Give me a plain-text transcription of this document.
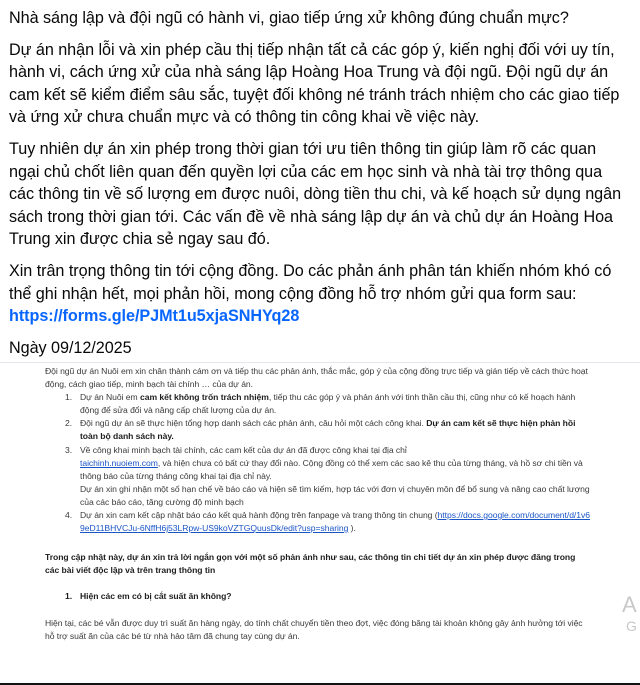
Nhà sáng lập và đội ngũ có hành vi, giao tiếp ứng xử không đúng chuẩn mực?

Dự án nhận lỗi và xin phép cầu thị tiếp nhận tất cả các góp ý, kiến nghị đối với uy tín, hành vi, cách ứng xử của nhà sáng lập Hoàng Hoa Trung và đội ngũ. Đội ngũ dự án cam kết sẽ kiểm điểm sâu sắc, tuyệt đối không né tránh trách nhiệm cho các giao tiếp và ứng xử chưa chuẩn mực và có thông tin công khai về việc này.

Tuy nhiên dự án xin phép trong thời gian tới ưu tiên thông tin giúp làm rõ các quan ngại chủ chốt liên quan đến quyền lợi của các em học sinh và nhà tài trợ thông qua các thông tin về số lượng em được nuôi, dòng tiền thu chi, và kế hoạch sử dụng ngân sách trong thời gian tới. Các vấn đề về nhà sáng lập dự án và chủ dự án Hoàng Hoa Trung xin được chia sẻ ngay sau đó.

Xin trân trọng thông tin tới cộng đồng. Do các phản ánh phân tán khiến nhóm khó có thể ghi nhận hết, mọi phản hồi, mong cộng đồng hỗ trợ nhóm gửi qua form sau:
https://forms.gle/PJMt1u5xjaSNHYq28

Ngày 09/12/2025

Đội ngũ dự án Nuôi em xin chân thành cám ơn và tiếp thu các phản ánh, thắc mắc, góp ý của cộng đồng trực tiếp và gián tiếp về cách thức hoạt động, cách giao tiếp, minh bạch tài chính … của dự án.

1. Dự án Nuôi em cam kết không trốn trách nhiệm, tiếp thu các góp ý và phản ánh với tinh thần cầu thị, cũng như có kế hoạch hành động để sửa đổi và nâng cấp chất lượng của dự án.
2. Đội ngũ dự án sẽ thực hiện tổng hợp danh sách các phản ánh, câu hỏi một cách công khai. Dự án cam kết sẽ thực hiện phản hồi toàn bộ danh sách này.
3. Về công khai minh bạch tài chính, các cam kết của dự án đã được công khai tại địa chỉ
taichinh.nuoiem.com, và hiện chưa có bất cứ thay đổi nào. Cộng đồng có thể xem các sao kê thu của từng tháng, và hồ sơ chi tiền và thông báo của từng tháng công khai tại địa chỉ này.
Dự án xin ghi nhận một số hạn chế về báo cáo và hiện sẽ tìm kiếm, hợp tác với đơn vị chuyên môn để bổ sung và nâng cao chất lượng của các báo cáo, tăng cường độ minh bạch
4. Dự án xin cam kết cập nhật báo cáo kết quả hành động trên fanpage và trang thông tin chung (https://docs.google.com/document/d/1v69eD11BHVCJu-6NffH6j53LRpw-US9koVZTGQuusDk/edit?usp=sharing ).

Trong cập nhật này, dự án xin trả lời ngắn gọn với một số phản ánh như sau, các thông tin chi tiết dự án xin phép được đăng trong các bài viết độc lập và trên trang thông tin

1. Hiện các em có bị cắt suất ăn không?

Hiện tại, các bé vẫn được duy trì suất ăn hàng ngày, do tính chất chuyển tiền theo đợt, việc đóng băng tài khoản không gây ảnh hưởng tới việc hỗ trợ suất ăn của các bé từ nhà hảo tâm đã chung tay cùng dự án.

A
G
